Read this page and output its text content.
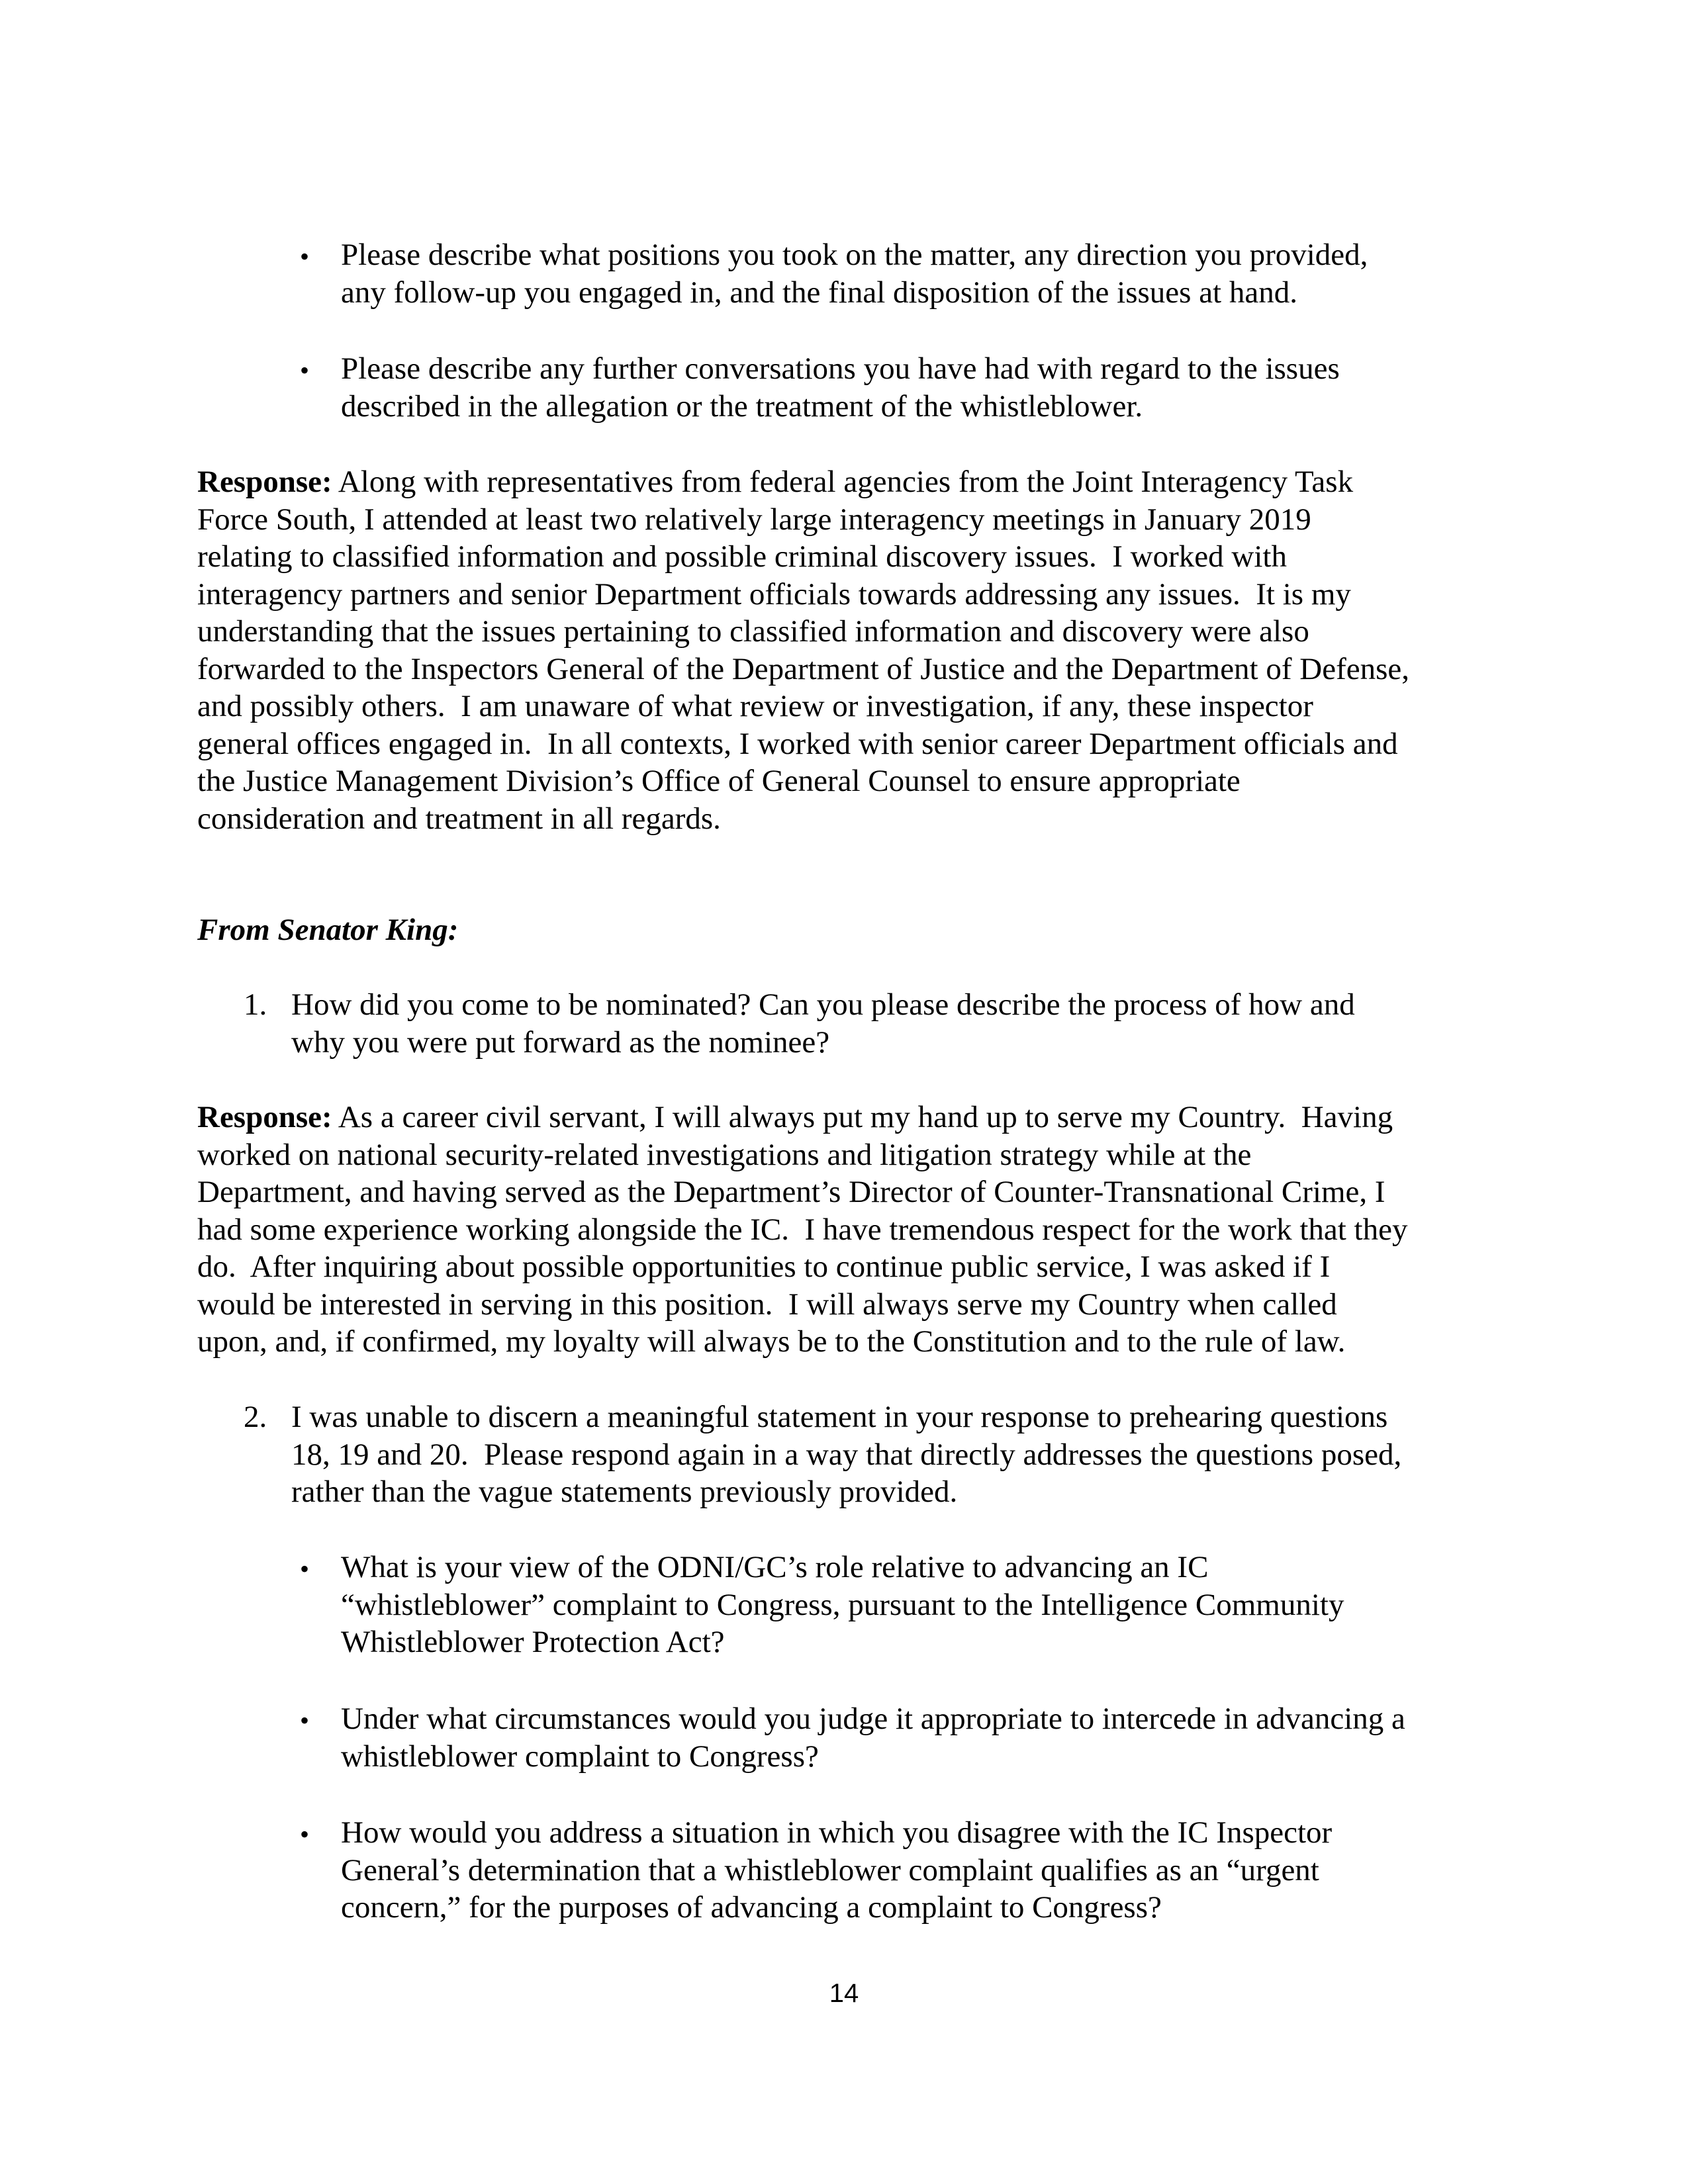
• Please describe what positions you took on the matter, any direction you provided,
any follow-up you engaged in, and the final disposition of the issues at hand.
• Please describe any further conversations you have had with regard to the issues
described in the allegation or the treatment of the whistleblower.
Response: Along with representatives from federal agencies from the Joint Interagency Task
Force South, I attended at least two relatively large interagency meetings in January 2019
relating to classified information and possible criminal discovery issues.  I worked with
interagency partners and senior Department officials towards addressing any issues.  It is my
understanding that the issues pertaining to classified information and discovery were also
forwarded to the Inspectors General of the Department of Justice and the Department of Defense,
and possibly others.  I am unaware of what review or investigation, if any, these inspector
general offices engaged in.  In all contexts, I worked with senior career Department officials and
the Justice Management Division’s Office of General Counsel to ensure appropriate
consideration and treatment in all regards.
From Senator King:
1. How did you come to be nominated? Can you please describe the process of how and
why you were put forward as the nominee?
Response: As a career civil servant, I will always put my hand up to serve my Country.  Having
worked on national security-related investigations and litigation strategy while at the
Department, and having served as the Department’s Director of Counter-Transnational Crime, I
had some experience working alongside the IC.  I have tremendous respect for the work that they
do.  After inquiring about possible opportunities to continue public service, I was asked if I
would be interested in serving in this position.  I will always serve my Country when called
upon, and, if confirmed, my loyalty will always be to the Constitution and to the rule of law.
2. I was unable to discern a meaningful statement in your response to prehearing questions
18, 19 and 20.  Please respond again in a way that directly addresses the questions posed,
rather than the vague statements previously provided.
• What is your view of the ODNI/GC’s role relative to advancing an IC
“whistleblower” complaint to Congress, pursuant to the Intelligence Community
Whistleblower Protection Act?
• Under what circumstances would you judge it appropriate to intercede in advancing a
whistleblower complaint to Congress?
• How would you address a situation in which you disagree with the IC Inspector
General’s determination that a whistleblower complaint qualifies as an “urgent
concern,” for the purposes of advancing a complaint to Congress?
14
